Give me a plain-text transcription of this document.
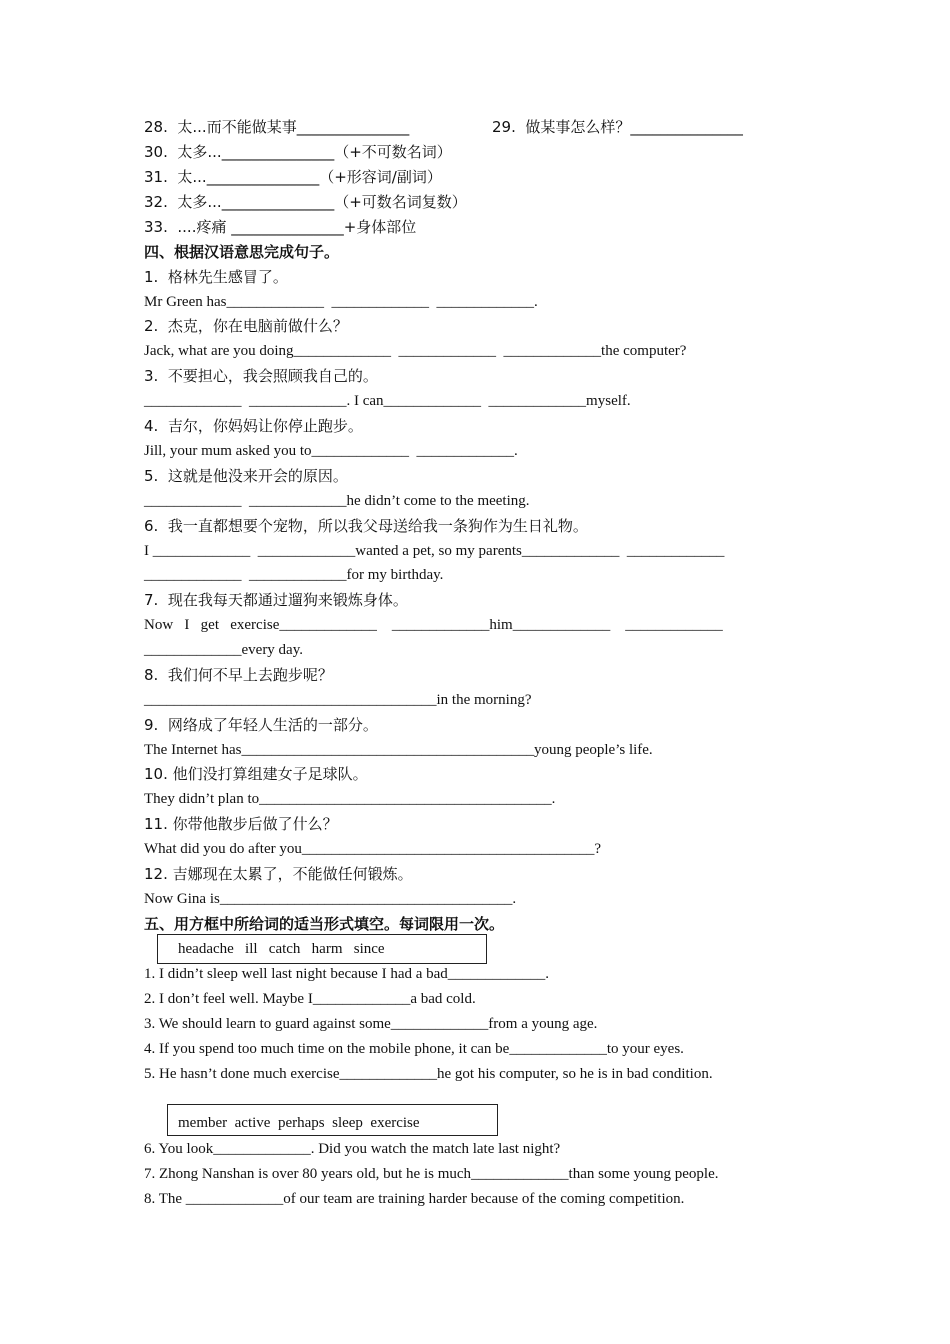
28.  太...而不能做某事_______________	29.  做某事怎么样？_______________
30.  太多..._______________（+不可数名词）
31.  太..._______________（+形容词/副词）
32.  太多..._______________（+可数名词复数）
33.  ....疼痛 _______________+身体部位
四、根据汉语意思完成句子。
1.  格林先生感冒了。
Mr Green has_____________  _____________  _____________.
2.  杰克，你在电脑前做什么？
Jack, what are you doing_____________  _____________  _____________the computer?
3.  不要担心，我会照顾我自己的。
_____________  _____________. I can_____________  _____________myself.
4.  吉尔，你妈妈让你停止跑步。
Jill, your mum asked you to_____________  _____________.
5.  这就是他没来开会的原因。
_____________  _____________he didn’t come to the meeting.
6.  我一直都想要个宠物，所以我父母送给我一条狗作为生日礼物。
I _____________  _____________wanted a pet, so my parents_____________  _____________
_____________  _____________for my birthday.
7.  现在我每天都通过遛狗来锻炼身体。
Now   I   get   exercise_____________    _____________him_____________    _____________
_____________every day.
8.  我们何不早上去跑步呢？
_______________________________________in the morning?
9.  网络成了年轻人生活的一部分。
The Internet has_______________________________________young people’s life.
10. 他们没打算组建女子足球队。
They didn’t plan to_______________________________________.
11. 你带他散步后做了什么？
What did you do after you_______________________________________?
12. 吉娜现在太累了，不能做任何锻炼。
Now Gina is_______________________________________.
五、用方框中所给词的适当形式填空。每词限用一次。
headache   ill   catch   harm   since
1. I didn’t sleep well last night because I had a bad_____________.
2. I don’t feel well. Maybe I_____________a bad cold.
3. We should learn to guard against some_____________from a young age.
4. If you spend too much time on the mobile phone, it can be_____________to your eyes.
5. He hasn’t done much exercise_____________he got his computer, so he is in bad condition.
member  active  perhaps  sleep  exercise
6. You look_____________. Did you watch the match late last night?
7. Zhong Nanshan is over 80 years old, but he is much_____________than some young people.
8. The _____________of our team are training harder because of the coming competition.
